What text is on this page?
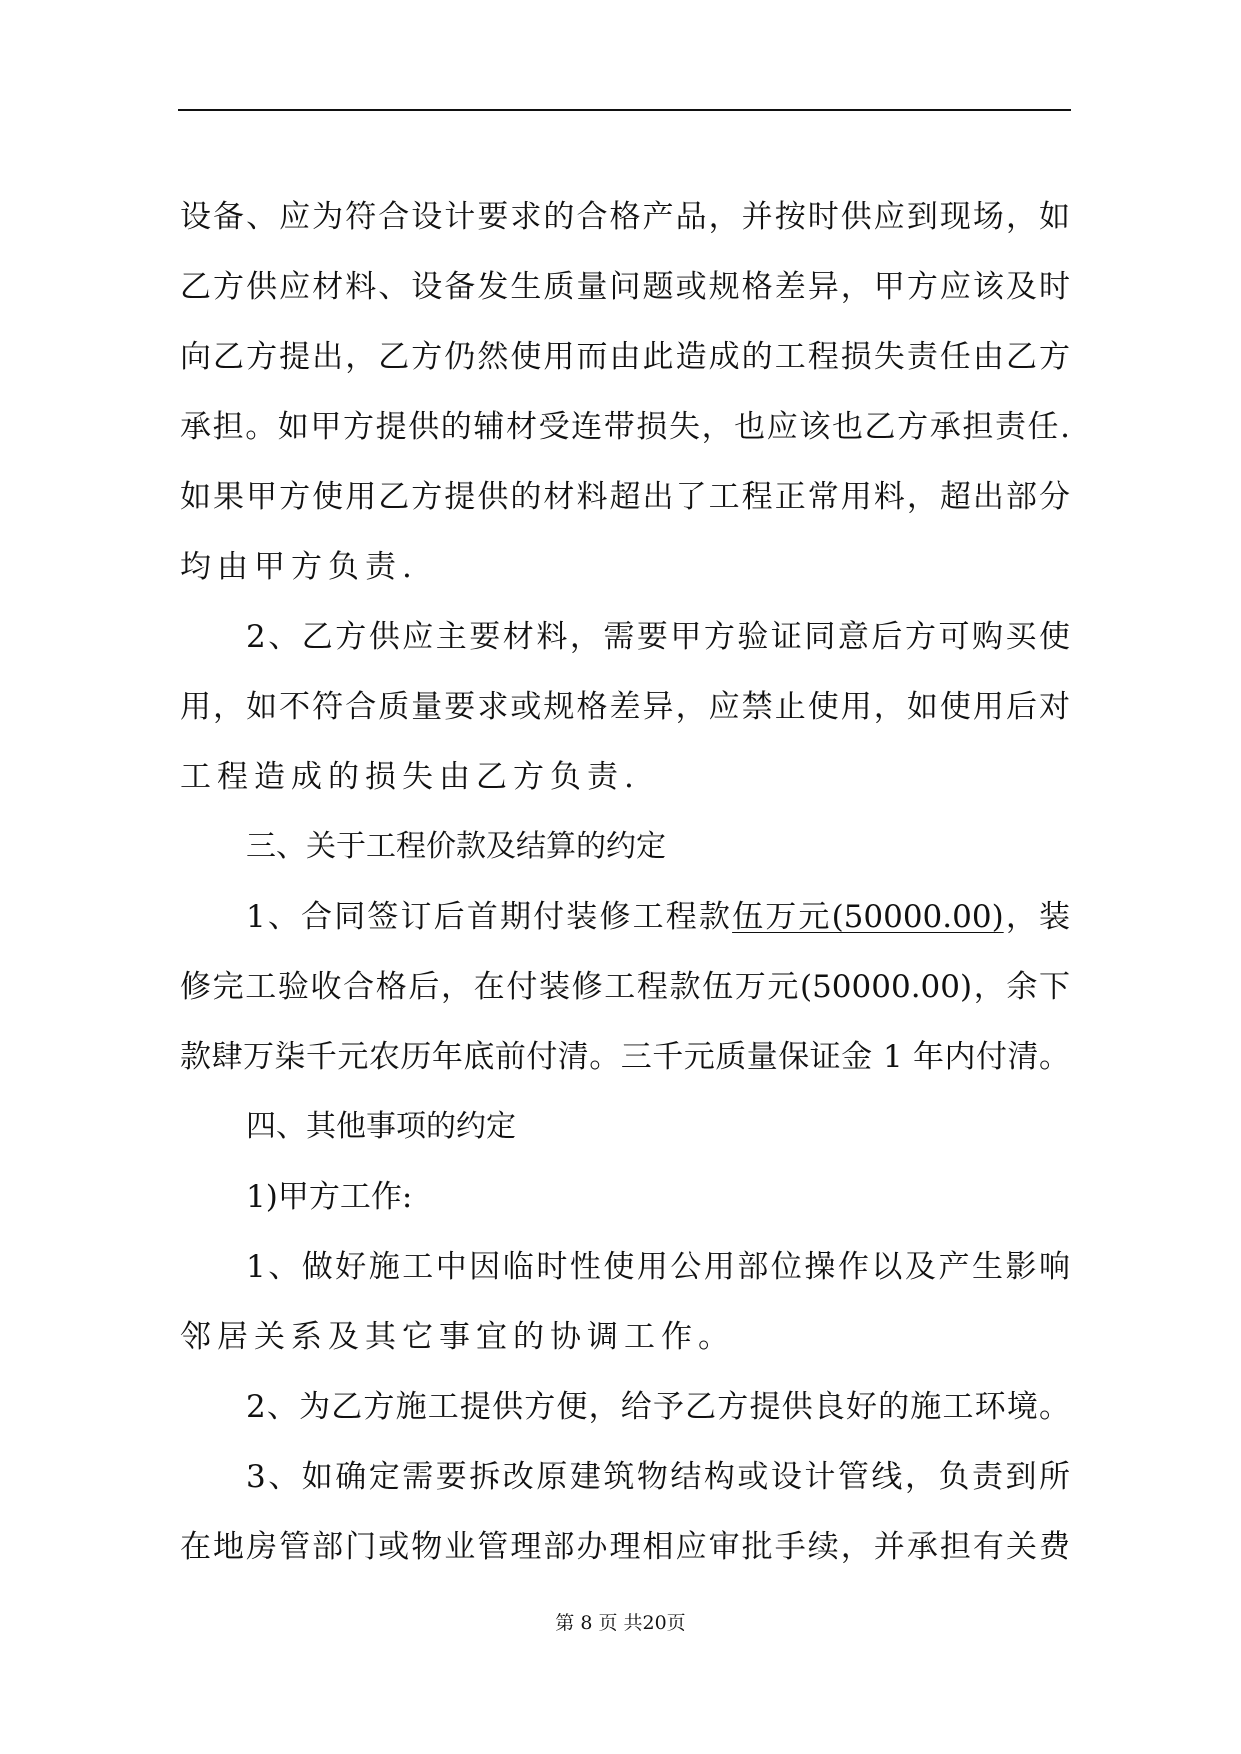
设备、应为符合设计要求的合格产品，并按时供应到现场，如
乙方供应材料、设备发生质量问题或规格差异，甲方应该及时
向乙方提出，乙方仍然使用而由此造成的工程损失责任由乙方
承担。如甲方提供的辅材受连带损失，也应该也乙方承担责任.
如果甲方使用乙方提供的材料超出了工程正常用料，超出部分
均由甲方负责.
2、乙方供应主要材料，需要甲方验证同意后方可购买使
用，如不符合质量要求或规格差异，应禁止使用，如使用后对
工程造成的损失由乙方负责.
三、关于工程价款及结算的约定
1、合同签订后首期付装修工程款伍万元(50000.00)，装
修完工验收合格后，在付装修工程款伍万元(50000.00)，余下
款肆万柒千元农历年底前付清。三千元质量保证金 1 年内付清。
四、其他事项的约定
1)甲方工作:
1、做好施工中因临时性使用公用部位操作以及产生影响
邻居关系及其它事宜的协调工作。
2、为乙方施工提供方便，给予乙方提供良好的施工环境。
3、如确定需要拆改原建筑物结构或设计管线，负责到所
在地房管部门或物业管理部办理相应审批手续，并承担有关费
第 8 页 共20页
